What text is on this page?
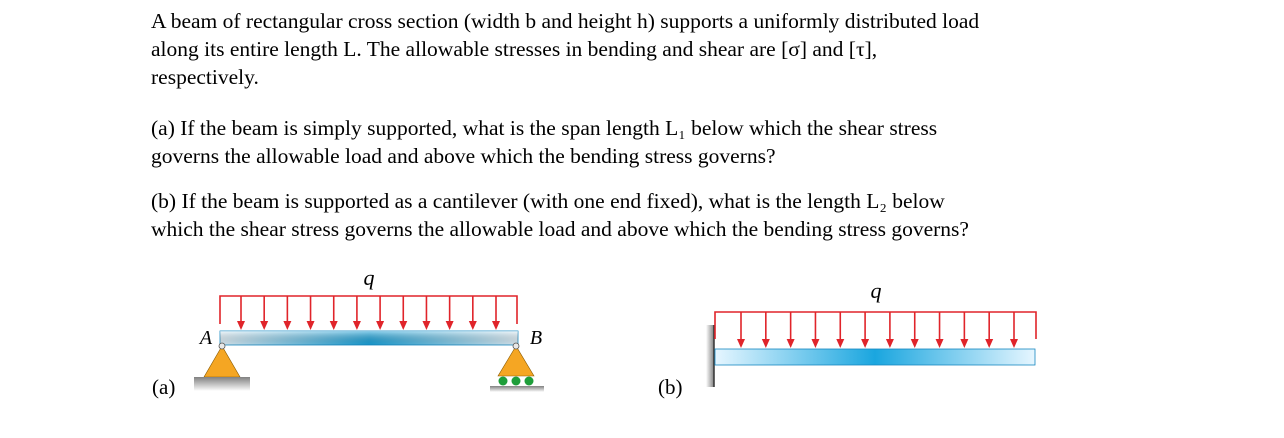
A beam of rectangular cross section (width b and height h) supports a uniformly distributed load
along its entire length L. The allowable stresses in bending and shear are [σ] and [τ],
respectively.
(a) If the beam is simply supported, what is the span length L₁ below which the shear stress
governs the allowable load and above which the bending stress governs?
(b) If the beam is supported as a cantilever (with one end fixed), what is the length L₂ below
which the shear stress governs the allowable load and above which the bending stress governs?
q
A	B
(a)
q
(b)
